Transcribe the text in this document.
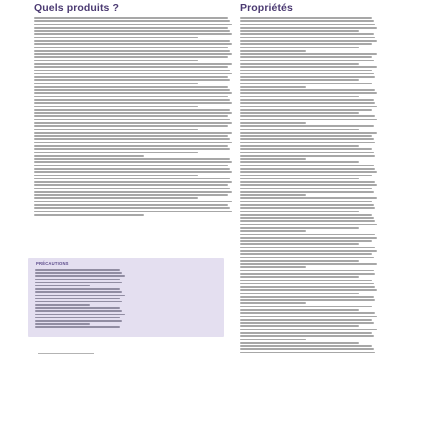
Quels produits ?
PRÉCAUTIONS
Propriétés
